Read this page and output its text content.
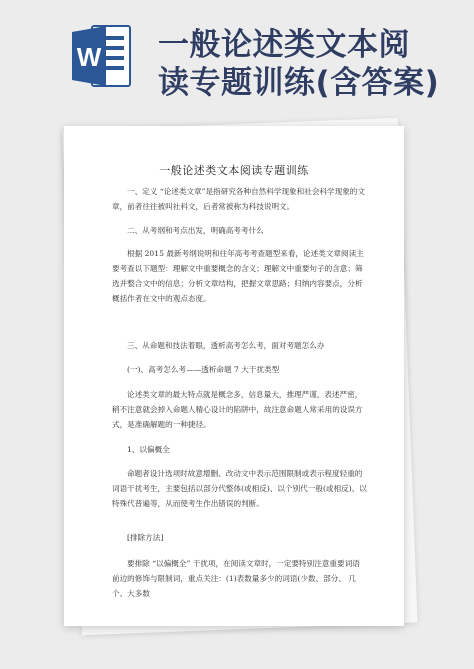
W 一般论述类文本阅
读专题训练(含答案)
一般论述类文本阅读专题训练
一、定义 “论述类文章”是指研究各种自然科学现象和社会科学现象的文章，前者往往被叫社科文，后者常被称为科技说明文。
二、从考纲和考点出发，明确高考考什么
根据 2015 最新考纲说明和往年高考考查题型来看，论述类文章阅读主要考查以下题型：理解文中重要概念的含义；理解文中重要句子的含意；筛选并整合文中的信息；分析文章结构，把握文章思路；归纳内容要点，分析概括作者在文中的观点态度。
三、从命题和技法着眼，透析高考怎么考，面对考题怎么办
(一)、高考怎么考——透析命题 7 大干扰类型
论述类文章的最大特点就是概念多，信息量大，推理严谨，表述严密，稍不注意就会掉入命题人精心设计的陷阱中，故注意命题人常采用的设误方式，是准确解题的一种捷径。
1、以偏概全
命题者设计选项时故意增删、改动文中表示范围限制或表示程度轻重的词语干扰考生，主要包括以部分代整体(或相反)、以个别代一般(或相反)、以特殊代普遍等，从而使考生作出错误的判断。
[排除方法]
要排除 “以偏概全” 干扰项，在阅读文章时，一定要特别注意重要词语前边的修饰与限制词，重点关注：(1)表数量多少的词语(少数、部分、 几个、大多数
